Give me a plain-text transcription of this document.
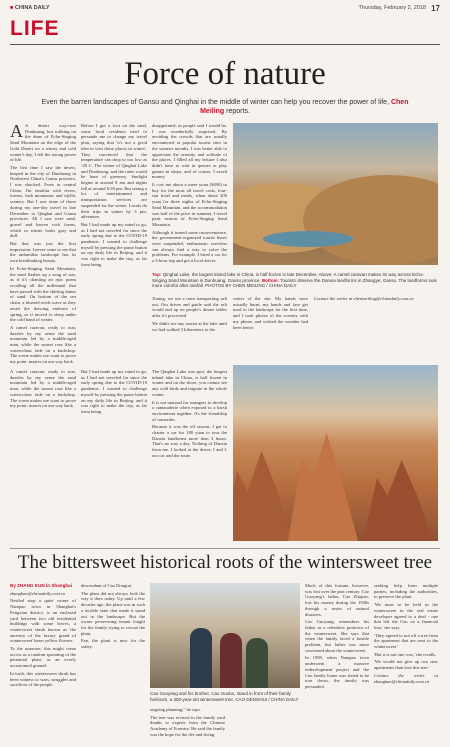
■ CHINA DAILY	Thursday, February 2, 2018 17
LIFE
Force of nature
Even the barren landscapes of Gansu and Qinghai in the middle of winter can help you recover the power of life, Chen Meiling reports.

A A desert way-rose Dunhuang, but walking on the dune of Echo-Singing Sand Mountain on the edge of the Gobi Desert on a wintry and cold winter's day, I felt the strong power of life.

The first time I saw the desert, heaped in the city of Dunhuang in Northwest China's Gansu province, I was shocked. Even in central China, I'm familiar with rivers, forests, lush mountains and idyllic scenery. But I saw none of those during my one-day travel in late December to Qinghai and Gansu provinces. All I saw were sand, gravel and barren rock forms, which in winter looks gray and dull.

But that was just the first impression. I never came to see that the unfamiliar landscape has its own breathtaking beauty.

In Echo-Singing Sand Mountain, the sand flashes up a song of sun, as if it's chanting an epic poem recalling all the millennial that have passed with the shifting dunes of sand. On bottom of the sea chain, a bluered reeds wave as they await the thawing embrace of spring, as if moved to sleep under the cold hand of winter.

A camel caravan, ready to roar, dazzles by my sense the sand mountain led by a middle-aged man, while the sunset rose like a watercolour fade on a backdrop. The scene makes me want to prove my point: master on our way back.

Before I got a foot on the sand, some local residents tried to persuade me to change my travel plan, saying that 'it's not a good idea to visit those places in winter'. They convinced that the temperature can drop to too low as -20 C. The winter of Qinghai Lake and Dunhuang, and the rains would be haze of greenery. Sunlight begins at around 8 am and nights fall at around 6:30 pm. But seeing a lot of entertainment and transportation services are suspended for the winter. Locals do their trips in winter by 3 pm, adventure.

But I had made up my mind to go, as I had not traveled far since the early spring due to the COVID-19 pandemic. I wanted to challenge myself by pressing the pause button on my daily life in Beijing, and it was right to make the trip, as far from being

disappointed, as people said I would be, I was wonderfully surprised. By avoiding the crowds that are usually encountered at popular tourist sites in the warmer months, I was better able to appreciate the serenity and solitude of the places. I filled all my leisure I also didn't have to wait in queues or play games in shops, and of course, I saved money.

It cost me about a mere yuan ($490) to buy for the most all travel costs, four-star hotel and meals, when about 200 yuan for three nights of Echo-Singing Sand Mountain, and the accommodation was half of the price in summer. I travel peak season of Echo-Singing Sand Mountain.

Although it turned some inconvenience, the government-organized tourist buses were suspended, enthusiastic travelers can always find a way to solve the problems. For example, I hired a car for a 3-hour trip and got a local driver.

A camel caravan, ready to roar, dazzles by my sense the sand mountain led by a middle-aged man, while the sunset rose like a watercolour fade on a backdrop. The scene makes me want to prove my point: master on our way back.

But I had made up my mind to go, as I had not traveled far since the early spring due to the COVID-19 pandemic. I wanted to challenge myself by pressing the pause button on my daily life in Beijing, and it was right to make the trip, as far from being

Top: Qinghai Lake, the largest inland lake in China, is half frozen in late December. Above: A camel caravan makes its way across Echo-Singing Sand Mountain in Dunhuang, Gansu province. Bottom: Tourists observe the Danxia landforms in Zhangye, Gansu. The landforms look more colorful after rainfall. PHOTOS BY CHEN MEILING / CHINA DAILY

Xining, we see a train transporting salt out. Our driver and guide said the salt would end up on people's dinner tables after it's processed.

We didn't see any tourist at the lake until we had walked 3 kilometers to the

center of the site. My hands were actually burnt, my hands and face get used to the landscape for the first time, and I took photos of the scenery with my phone, and wished the weather had been better.

Contact the writer at chenmeiling@chinadaily.com.cn

The Qinghai Lake was spot, the longest inland lake in China, is half frozen in winter and on the shore, you cannot see any wild birds and migrate in the whole winter.

It is not unusual for strangers to develop a camaraderie when exposed to a harsh environment together. It's the friendship of comrades.

Because it was the off season, I got to charter a car for 180 yuan to tour the Danxia landforms more than 3 hours. That's no way a day. Nothing of Danxia from me. I looked at the driver, I and I, our car and the route.

The bittersweet historical roots of the wintersweet tree

By ZHANG KUN in Shanghai

zhangkun@chinadaily.com.cn

Nestled atop a quiet corner of Nanqiao town in Shanghai's Fengxian district, is an enclosed yard between two old residential buildings with some leaves, a wintersweet shrub known as 'the ancestry of the luxury grand of wintersweet' bears yellow flowers.

To the unaware, this might come across as a random sprouting of the perennial plant, as an overly accustomed ground.

In truth, this wintersweet shrub has been witness to wars, struggles and sacrifices of the people.

descendant of Cao Dongtai.

The plant did not always look the way it does today. Up until a few decades ago, the plant was in such a terrible state that made it stand out in the landscape. But the owner persevering tenant fought for the family trying to rescue the plant.

Fan, the plant is now for the safety.

Cao Guoyang and his brother, Cao Guobo, stand in front of their family heirloom, a 300-year-old wintersweet tree. CAO DENGHUI / CHINA DAILY

ongoing planning," he says.

The tree was revived in the family yard thanks to experts from the Chinese Academy of Forestry. He said the family was the hope for the life and living.

Much of this fortune, however, was lost over the past century. Cao Guoyang's father, Cao Zhiqiao, lost his money during the 1930s through a series of natural disasters.

Cao Guoyang, remembers his father as a relentless protector of the wintersweet. She says that when the family faced a hostile problem, but father was more concerned about the wintersweet.

In 1998, when Nanqiao town underwent a massive redevelopment project and the Cao family home was slated to be torn down, the family was persuaded.

seeking help from multiple parties, including the authorities, to preserve the plant.

'We must to be held in the wintersweet in the real estate developer agreed to a deal - one that left the Cao on a financial loss,' she says.

'They agreed to not off a tree from the apartment that are next to the wintersweet.'

'But it is not one cost,' she recalls.

'We would not give up two new apartments than lose this tree.'

Contact the writer at zhangkun@chinadaily.com.cn
